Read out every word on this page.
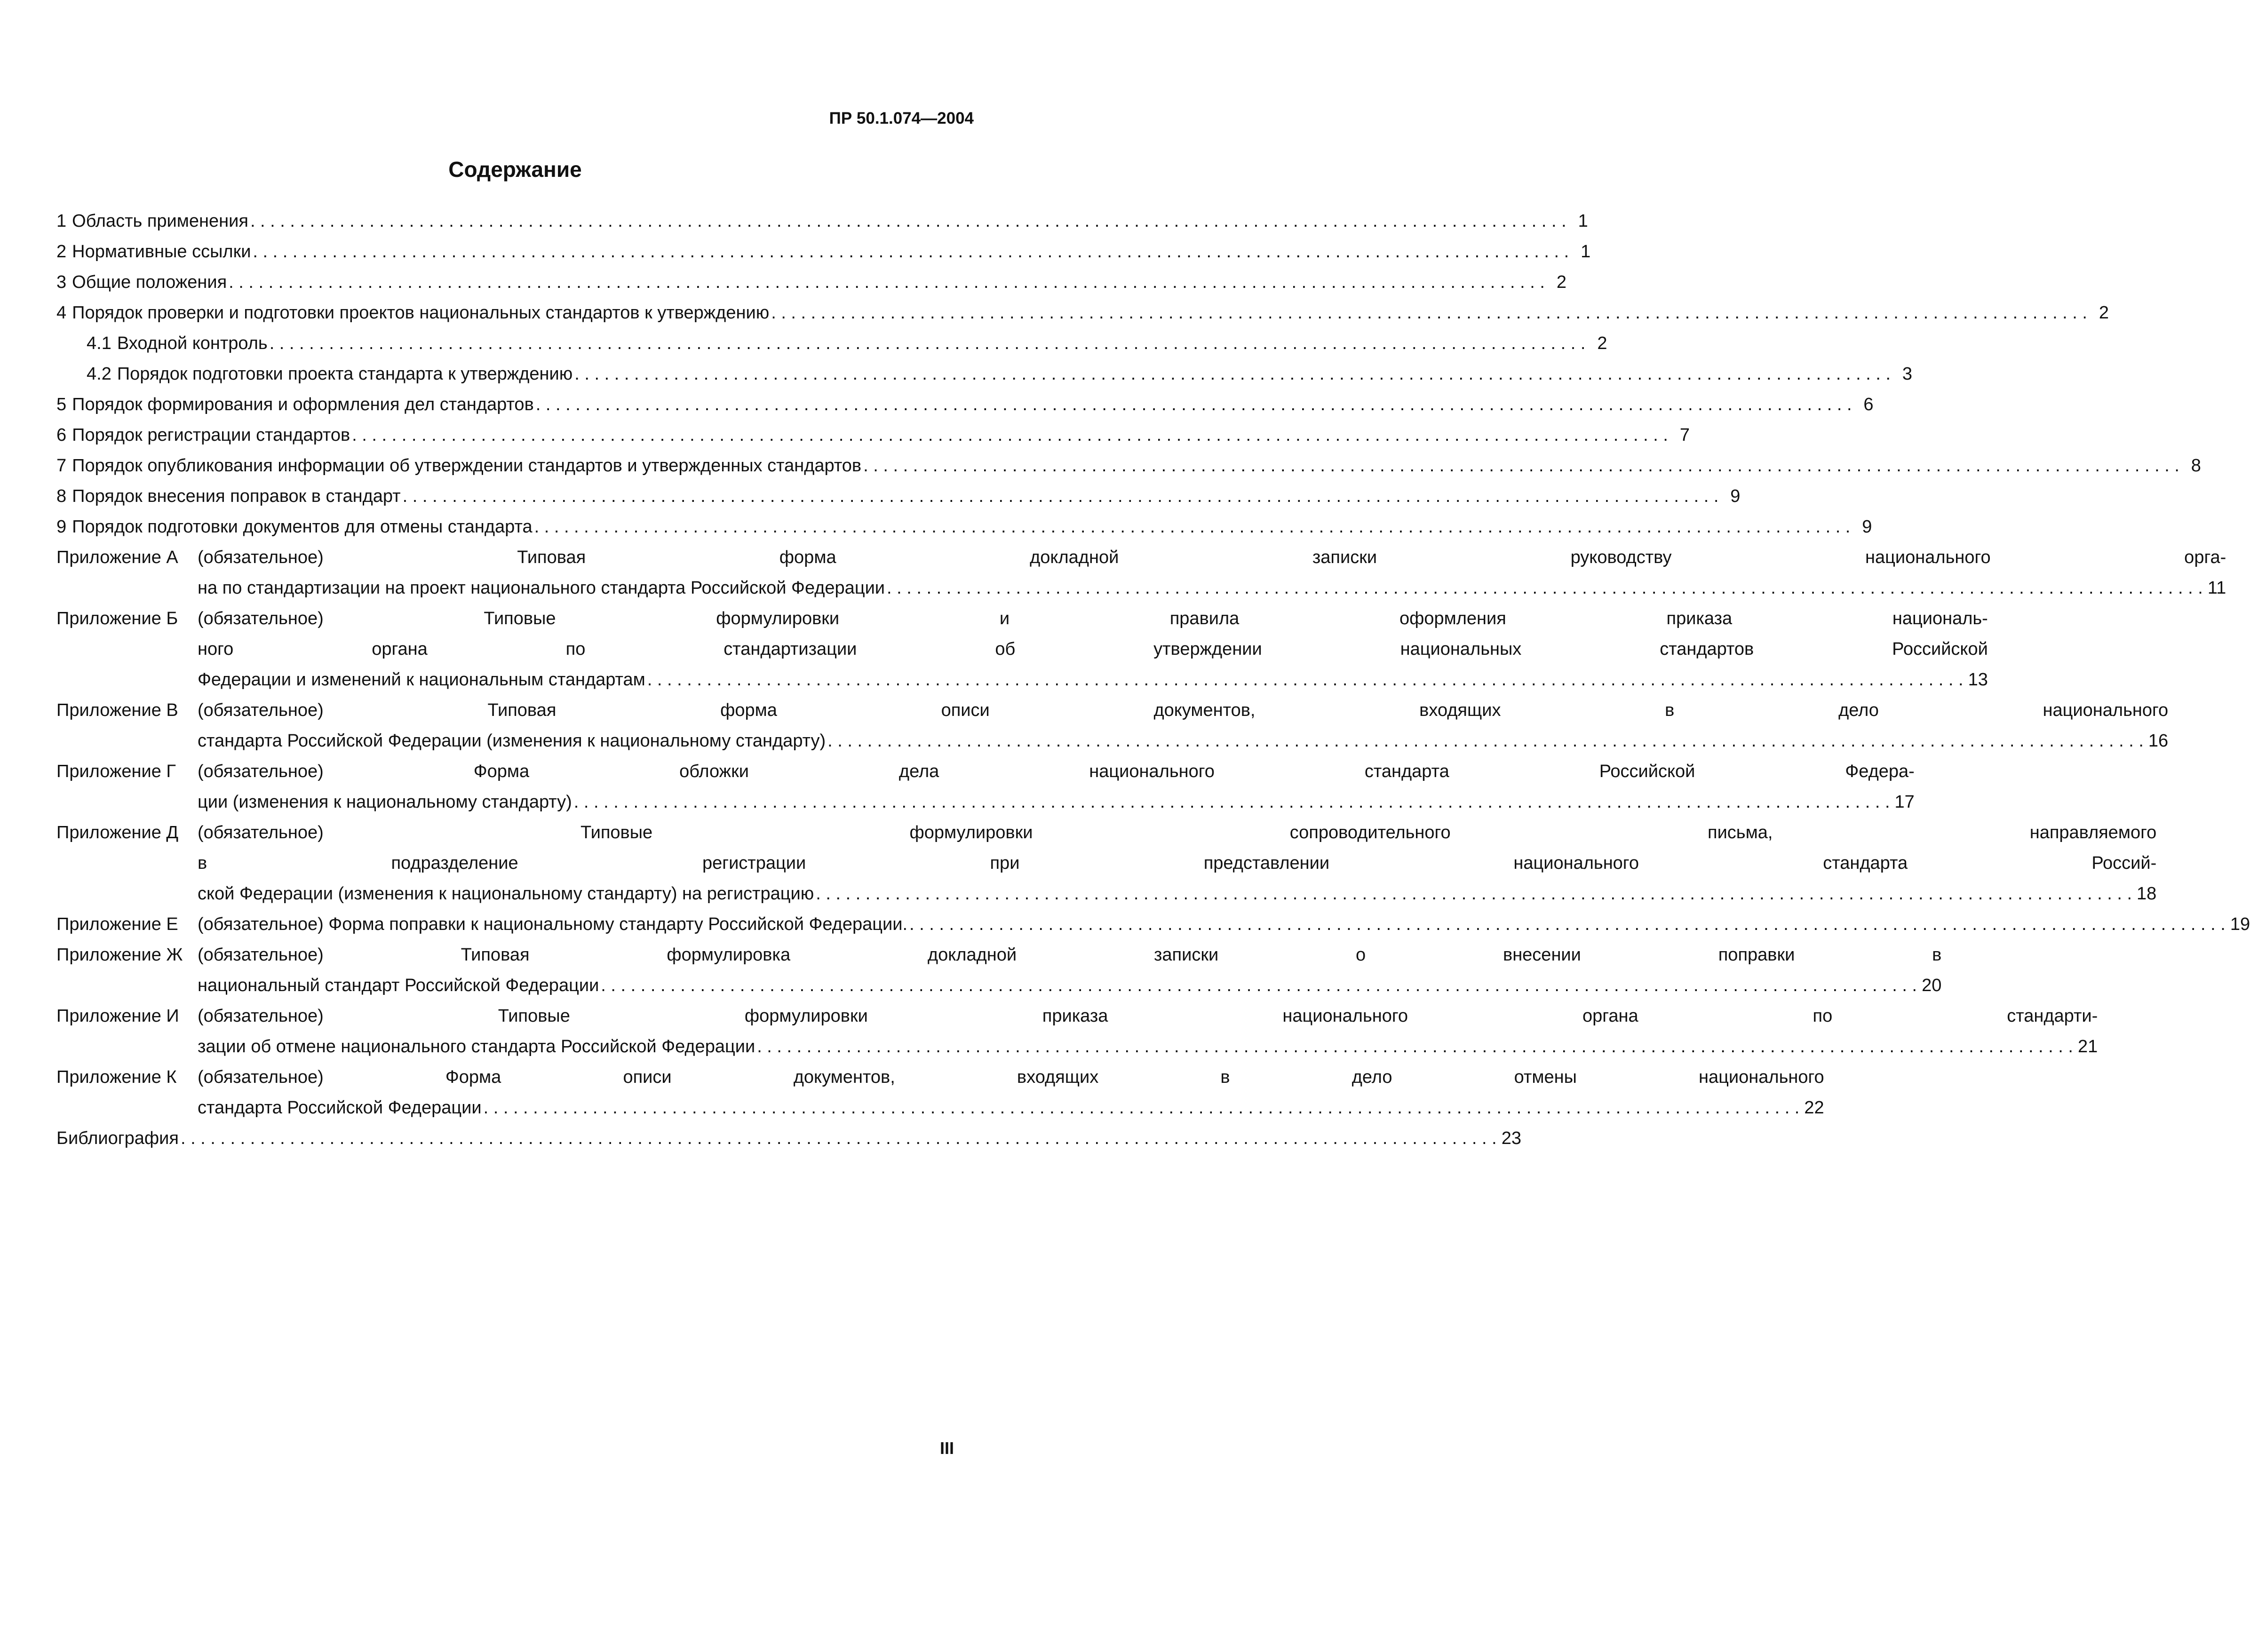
ПР 50.1.074—2004
Содержание
1 Область применения . . .	1
2 Нормативные ссылки . . .	1
3 Общие положения . . .	2
4 Порядок проверки и подготовки проектов национальных стандартов к утверждению . . .	2
4.1 Входной контроль . . .	2
4.2 Порядок подготовки проекта стандарта к утверждению . . .	3
5 Порядок формирования и оформления дел стандартов . . .	6
6 Порядок регистрации стандартов . . .	7
7 Порядок опубликования информации об утверждении стандартов и утвержденных стандартов . . .	8
8 Порядок внесения поправок в стандарт . . .	9
9 Порядок подготовки документов для отмены стандарта . . .	9
Приложение А	(обязательное) Типовая форма докладной записки руководству национального орга-
на по стандартизации на проект национального стандарта Российской Федерации . . .	11
Приложение Б	(обязательное) Типовые формулировки и правила оформления приказа националь-
ного органа по стандартизации об утверждении национальных стандартов Российской
Федерации и изменений к национальным стандартам . . .	13
Приложение В	(обязательное) Типовая форма описи документов, входящих в дело национального
стандарта Российской Федерации (изменения к национальному стандарту) . . .	16
Приложение Г	(обязательное) Форма обложки дела национального стандарта Российской Федера-
ции (изменения к национальному стандарту) . . .	17
Приложение Д	(обязательное) Типовые формулировки сопроводительного письма, направляемого
в подразделение регистрации при представлении национального стандарта Россий-
ской Федерации (изменения к национальному стандарту) на регистрацию . . .	18
Приложение Е	(обязательное) Форма поправки к национальному стандарту Российской Федерации. . . .	19
Приложение Ж (обязательное) Типовая формулировка докладной записки о внесении поправки в
национальный стандарт Российской Федерации . . .	20
Приложение И	(обязательное) Типовые формулировки приказа национального органа по стандарти-
зации об отмене национального стандарта Российской Федерации . . .	21
Приложение К	(обязательное) Форма описи документов, входящих в дело отмены национального
стандарта Российской Федерации . . .	22
Библиография . . .	23
III
